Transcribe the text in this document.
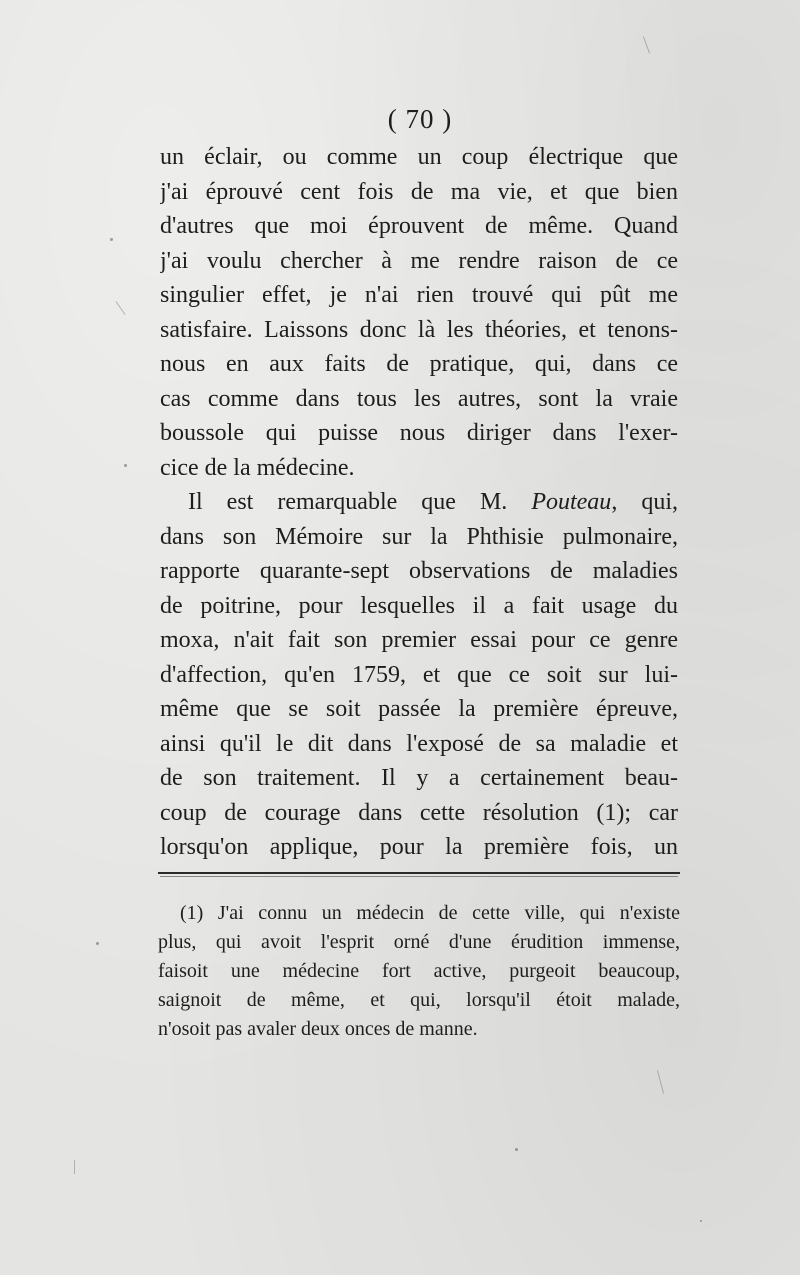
( 70 )
un éclair, ou comme un coup électrique que
j'ai éprouvé cent fois de ma vie, et que bien
d'autres que moi éprouvent de même. Quand
j'ai voulu chercher à me rendre raison de ce
singulier effet, je n'ai rien trouvé qui pût me
satisfaire. Laissons donc là les théories, et tenons-
nous en aux faits de pratique, qui, dans ce
cas comme dans tous les autres, sont la vraie
boussole qui puisse nous diriger dans l'exer-
cice de la médecine.
Il est remarquable que M. Pouteau, qui,
dans son Mémoire sur la Phthisie pulmonaire,
rapporte quarante-sept observations de maladies
de poitrine, pour lesquelles il a fait usage du
moxa, n'ait fait son premier essai pour ce genre
d'affection, qu'en 1759, et que ce soit sur lui-
même que se soit passée la première épreuve,
ainsi qu'il le dit dans l'exposé de sa maladie et
de son traitement. Il y a certainement beau-
coup de courage dans cette résolution (1); car
lorsqu'on applique, pour la première fois, un
(1) J'ai connu un médecin de cette ville, qui n'existe
plus, qui avoit l'esprit orné d'une érudition immense,
faisoit une médecine fort active, purgeoit beaucoup,
saignoit de même, et qui, lorsqu'il étoit malade,
n'osoit pas avaler deux onces de manne.
